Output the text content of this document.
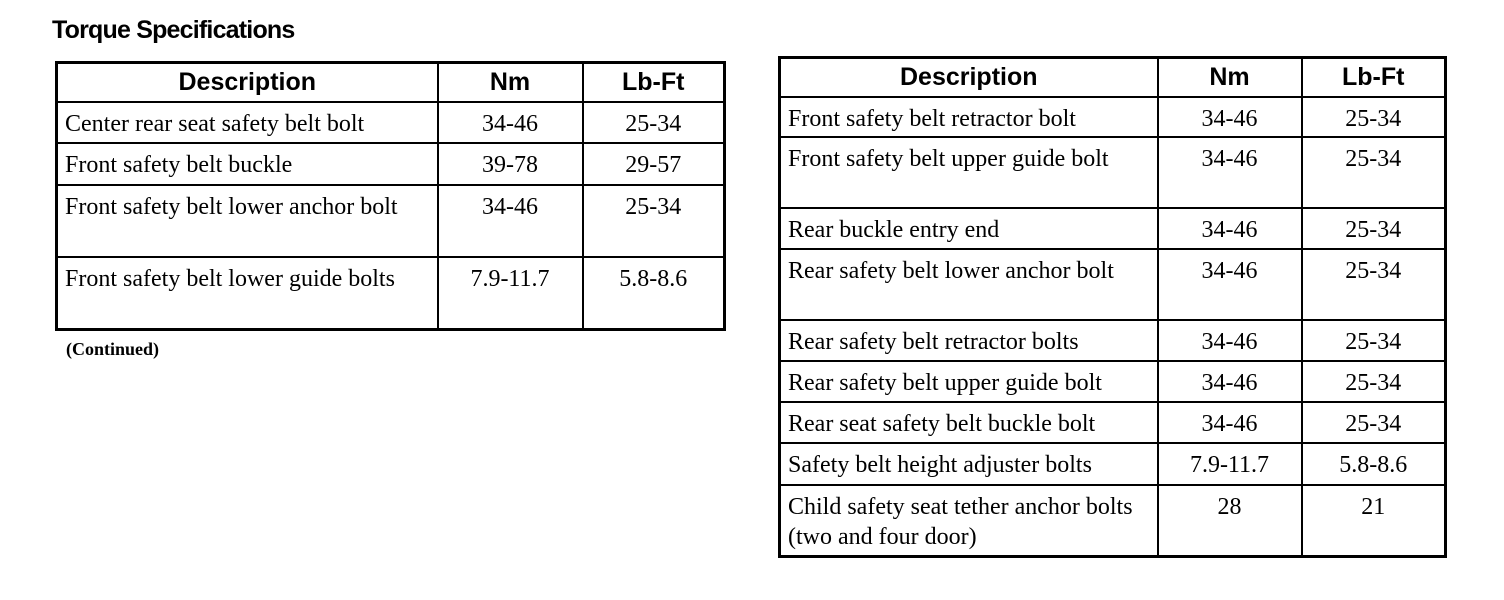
Torque Specifications
Description	Nm	Lb-Ft
Center rear seat safety belt bolt	34-46	25-34
Front safety belt buckle	39-78	29-57
Front safety belt lower anchor bolt	34-46	25-34
Front safety belt lower guide bolts	7.9-11.7	5.8-8.6
(Continued)
Description	Nm	Lb-Ft
Front safety belt retractor bolt	34-46	25-34
Front safety belt upper guide bolt	34-46	25-34
Rear buckle entry end	34-46	25-34
Rear safety belt lower anchor bolt	34-46	25-34
Rear safety belt retractor bolts	34-46	25-34
Rear safety belt upper guide bolt	34-46	25-34
Rear seat safety belt buckle bolt	34-46	25-34
Safety belt height adjuster bolts	7.9-11.7	5.8-8.6
Child safety seat tether anchor bolts (two and four door)	28	21
